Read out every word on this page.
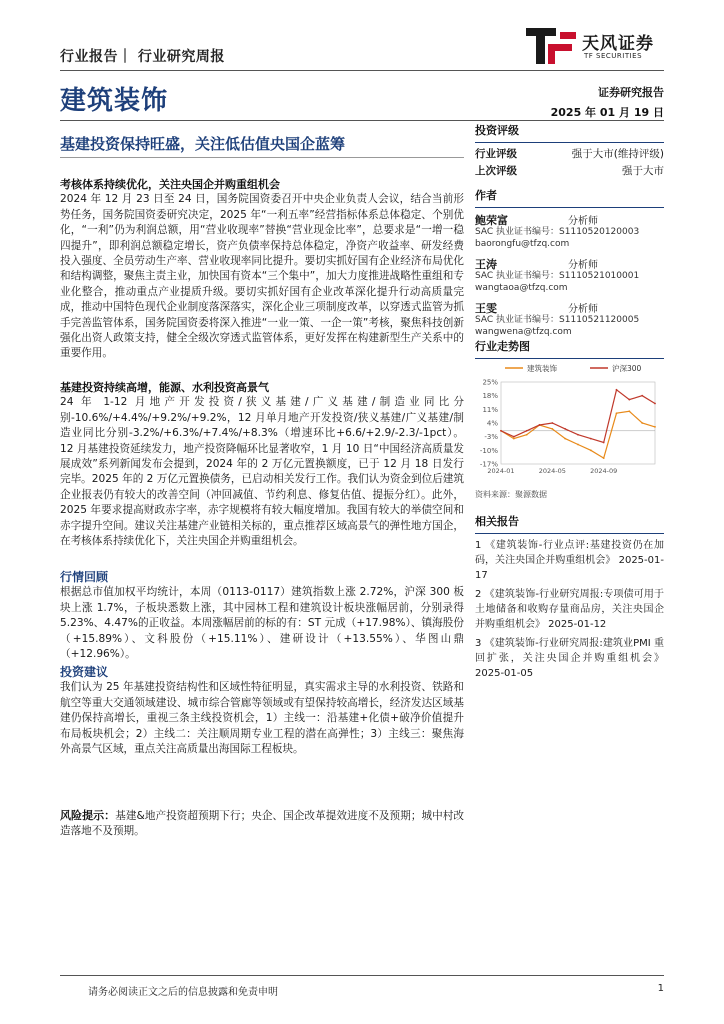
行业报告｜ 行业研究周报
天风证券
TF SECURITIES
建筑装饰	证券研究报告
2025 年 01 月 19 日
基建投资保持旺盛，关注低估值央国企蓝筹
考核体系持续优化，关注央国企并购重组机会
2024 年 12 月 23 日至 24 日，国务院国资委召开中央企业负责人会议，结合当前形势任务，国务院国资委研究决定，2025 年“一利五率”经营指标体系总体稳定、个别优化，“一利”仍为利润总额，用“营业收现率”替换“营业现金比率”，总要求是“一增一稳四提升”，即利润总额稳定增长，资产负债率保持总体稳定，净资产收益率、研发经费投入强度、全员劳动生产率、营业收现率同比提升。要切实抓好国有企业经济布局优化和结构调整，聚焦主责主业，加快国有资本“三个集中”，加大力度推进战略性重组和专业化整合，推动重点产业提质升级。要切实抓好国有企业改革深化提升行动高质量完成，推动中国特色现代企业制度落深落实，深化企业三项制度改革，以穿透式监管为抓手完善监管体系，国务院国资委将深入推进“一业一策、一企一策”考核，聚焦科技创新强化出资人政策支持，健全全级次穿透式监管体系，更好发挥在构建新型生产关系中的重要作用。
基建投资持续高增，能源、水利投资高景气
24 年 1-12 月地产开发投资/狭义基建/广义基建/制造业同比分别-10.6%/+4.4%/+9.2%/+9.2%，12 月单月地产开发投资/狭义基建/广义基建/制造业同比分别-3.2%/+6.3%/+7.4%/+8.3%（增速环比+6.6/+2.9/-2.3/-1pct）。12 月基建投资延续发力，地产投资降幅环比显著收窄，1 月 10 日“中国经济高质量发展成效”系列新闻发布会提到，2024 年的 2 万亿元置换额度，已于 12 月 18 日发行完毕。2025 年的 2 万亿元置换债务，已启动相关发行工作。我们认为资金到位后建筑企业报表仍有较大的改善空间（冲回减值、节约利息、修复估值、提振分红）。此外，2025 年要求提高财政赤字率，赤字规模将有较大幅度增加。我国有较大的举债空间和赤字提升空间。建议关注基建产业链相关标的，重点推荐区域高景气的弹性地方国企，在考核体系持续优化下，关注央国企并购重组机会。
行情回顾
根据总市值加权平均统计，本周（0113-0117）建筑指数上涨 2.72%，沪深 300 板块上涨 1.7%，子板块悉数上涨，其中园林工程和建筑设计板块涨幅居前，分别录得 5.23%、4.47%的正收益。本周涨幅居前的标的有：ST 元成（+17.98%）、镇海股份（+15.89%）、文科股份（+15.11%）、建研设计（+13.55%）、华图山鼎（+12.96%）。
投资建议
我们认为 25 年基建投资结构性和区域性特征明显，真实需求主导的水利投资、铁路和航空等重大交通领域建设、城市综合管廊等领域或有望保持较高增长，经济发达区域基建仍保持高增长，重视三条主线投资机会，1）主线一：沿基建+化债+破净价值提升布局板块机会；2）主线二：关注顺周期专业工程的潜在高弹性；3）主线三：聚焦海外高景气区域，重点关注高质量出海国际工程板块。
风险提示：基建&地产投资超预期下行；央企、国企改革提效进度不及预期；城中村改造落地不及预期。
投资评级
行业评级	强于大市(维持评级)
上次评级	强于大市
作者
鲍荣富	分析师
SAC 执业证书编号：S1110520120003
baorongfu@tfzq.com
王涛	分析师
SAC 执业证书编号：S1110521010001
wangtaoa@tfzq.com
王雯	分析师
SAC 执业证书编号：S1110521120005
wangwena@tfzq.com
行业走势图
建筑装饰	沪深300
25%
18%
11%
4%
-3%
-10%
-17%
2024-01	2024-05	2024-09
资料来源：聚源数据
相关报告
1 《建筑装饰-行业点评:基建投资仍在加码，关注央国企并购重组机会》 2025-01-17
2 《建筑装饰-行业研究周报:专项债可用于土地储备和收购存量商品房，关注央国企并购重组机会》 2025-01-12
3 《建筑装饰-行业研究周报:建筑业PMI 重回扩张，关注央国企并购重组机会》 2025-01-05
请务必阅读正文之后的信息披露和免责申明	1
